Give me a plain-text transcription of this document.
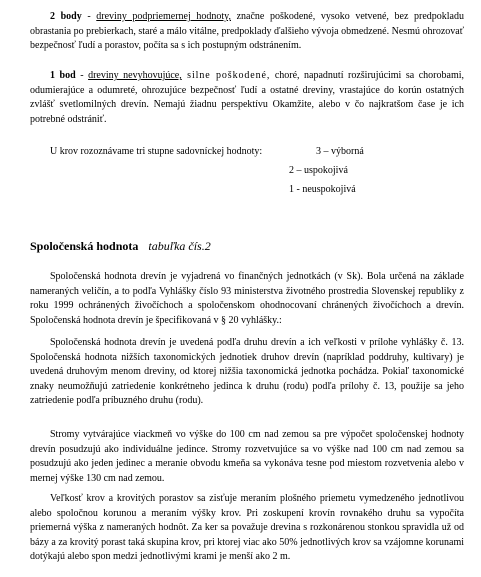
2 body - dreviny podpriemernej hodnoty, značne poškodené, vysoko vetvené, bez predpokladu obrastania po prebierkach, staré a málo vitálne, predpoklady ďalšieho vývoja obmedzené. Nesmú ohrozovať bezpečnosť ľudí a porastov, počíta sa s ich postupným odstránením.

1 bod - dreviny nevyhovujúce, silne poškodené, choré, napadnutí rozširujúcimi sa chorobami, odumierajúce a odumreté, ohrozujúce bezpečnosť ľudí a ostatné dreviny, vrastajúce do korún ostatných zvlášť svetlomilných drevín. Nemajú žiadnu perspektívu Okamžite, alebo v čo najkratšom čase je ich potrebné odstrániť.

U krov rozoznávame tri stupne sadovníckej hodnoty:	3 – výborná

2 – uspokojivá

1 - neuspokojivá

Spoločenská hodnota tabuľka čís.2

Spoločenská hodnota drevín je vyjadrená vo finančných jednotkách (v Sk). Bola určená na základe nameraných veličín, a to podľa Vyhlášky číslo 93 ministerstva životného prostredia Slovenskej republiky z roku 1999 ochránených živočíchoch a spoločenskom ohodnocovaní chránených živočíchoch a drevín. Spoločenská hodnota drevín je špecifikovaná v § 20 vyhlášky.:

Spoločenská hodnota drevín je uvedená podľa druhu drevín a ich veľkosti v prílohe vyhlášky č. 13. Spoločenská hodnota nižších taxonomických jednotiek druhov drevín (napríklad poddruhy, kultivary) je uvedená druhovým menom dreviny, od ktorej nižšia taxonomická jednotka pochádza. Pokiaľ taxonomické znaky neumožňujú zatriedenie konkrétneho jedinca k druhu (rodu) podľa prílohy č. 13, použije sa jeho zatriedenie podľa príbuzného druhu (rodu).

Stromy vytvárajúce viackmeň vo výške do 100 cm nad zemou sa pre výpočet spoločenskej hodnoty drevín posudzujú ako individuálne jedince. Stromy rozvetvujúce sa vo výške nad 100 cm nad zemou sa posudzujú ako jeden jedinec a meranie obvodu kmeňa sa vykonáva tesne pod miestom rozvetvenia alebo v mernej výške 130 cm nad zemou.

Veľkosť krov a krovitých porastov sa zisťuje meraním plošného priemetu vymedzeného jednotlivou alebo spoločnou korunou a meraním výšky krov. Pri zoskupení krovín rovnakého druhu sa vypočíta priemerná výška z nameraných hodnôt. Za ker sa považuje drevina s rozkonárenou stonkou spravidla už od bázy a za krovitý porast taká skupina krov, pri ktorej viac ako 50% jednotlivých krov sa vzájomne korunami dotýkajú alebo spon medzi jednotlivými krami je menší ako 2 m.
